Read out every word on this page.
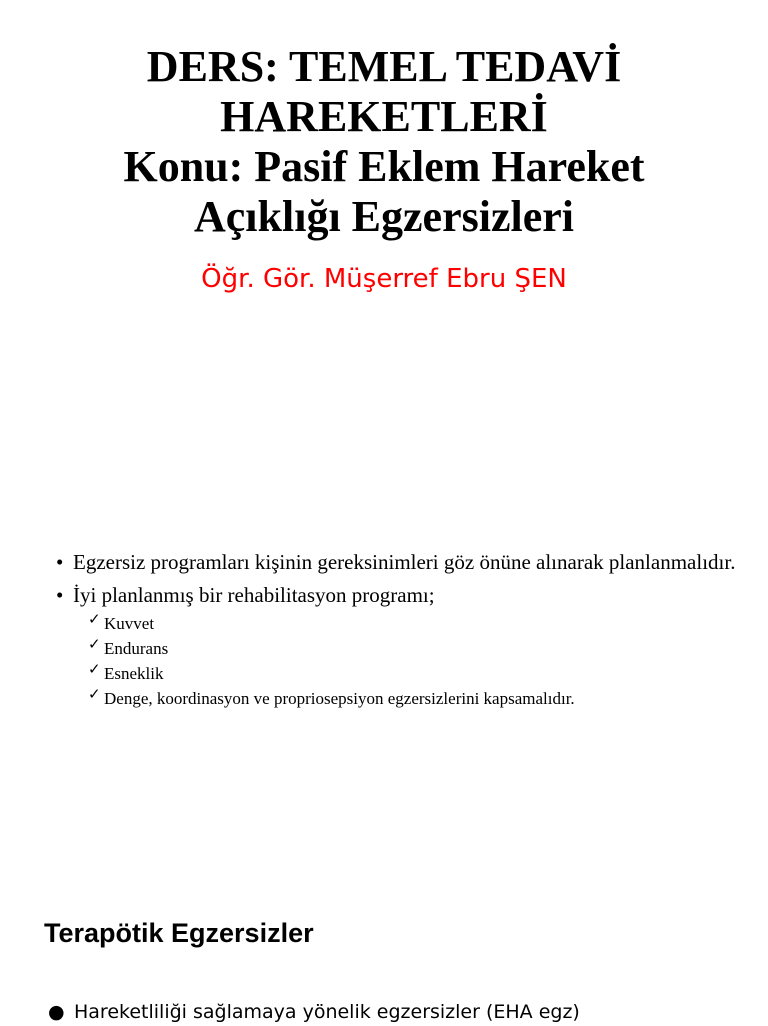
DERS: TEMEL TEDAVİ
HAREKETLERİ
Konu: Pasif Eklem Hareket
Açıklığı Egzersizleri
Öğr. Gör. Müşerref Ebru ŞEN
• Egzersiz programları kişinin gereksinimleri göz önüne alınarak planlanmalıdır.
• İyi planlanmış bir rehabilitasyon programı;
✓ Kuvvet
✓ Endurans
✓ Esneklik
✓ Denge, koordinasyon ve propriosepsiyon egzersizlerini kapsamalıdır.
Terapötik Egzersizler
● Hareketliliği sağlamaya yönelik egzersizler (EHA egz)
